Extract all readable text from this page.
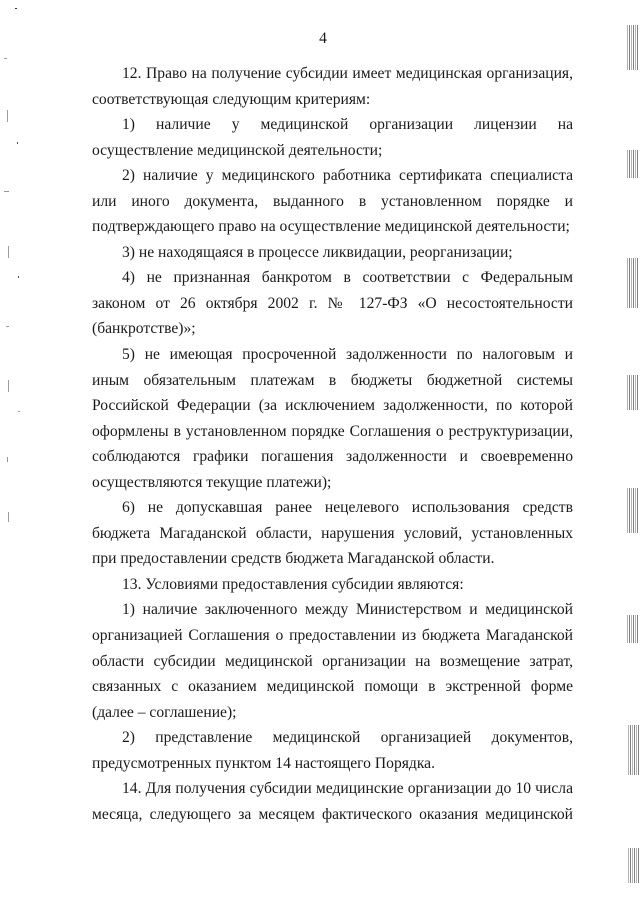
4

12. Право на получение субсидии имеет медицинская организация, соответствующая следующим критериям:

1) наличие у медицинской организации лицензии на осуществление медицинской деятельности;

2) наличие у медицинского работника сертификата специалиста или иного документа, выданного в установленном порядке и подтверждающего право на осуществление медицинской деятельности;

3) не находящаяся в процессе ликвидации, реорганизации;

4) не признанная банкротом в соответствии с Федеральным законом от 26 октября 2002 г. № 127-ФЗ «О несостоятельности (банкротстве)»;

5) не имеющая просроченной задолженности по налоговым и иным обязательным платежам в бюджеты бюджетной системы Российской Федерации (за исключением задолженности, по которой оформлены в установленном порядке Соглашения о реструктуризации, соблюдаются графики погашения задолженности и своевременно осуществляются текущие платежи);

6) не допускавшая ранее нецелевого использования средств бюджета Магаданской области, нарушения условий, установленных при предоставлении средств бюджета Магаданской области.

13. Условиями предоставления субсидии являются:

1) наличие заключенного между Министерством и медицинской организацией Соглашения о предоставлении из бюджета Магаданской области субсидии медицинской организации на возмещение затрат, связанных с оказанием медицинской помощи в экстренной форме (далее – соглашение);

2) представление медицинской организацией документов, предусмотренных пунктом 14 настоящего Порядка.

14. Для получения субсидии медицинские организации до 10 числа месяца, следующего за месяцем фактического оказания медицинской
